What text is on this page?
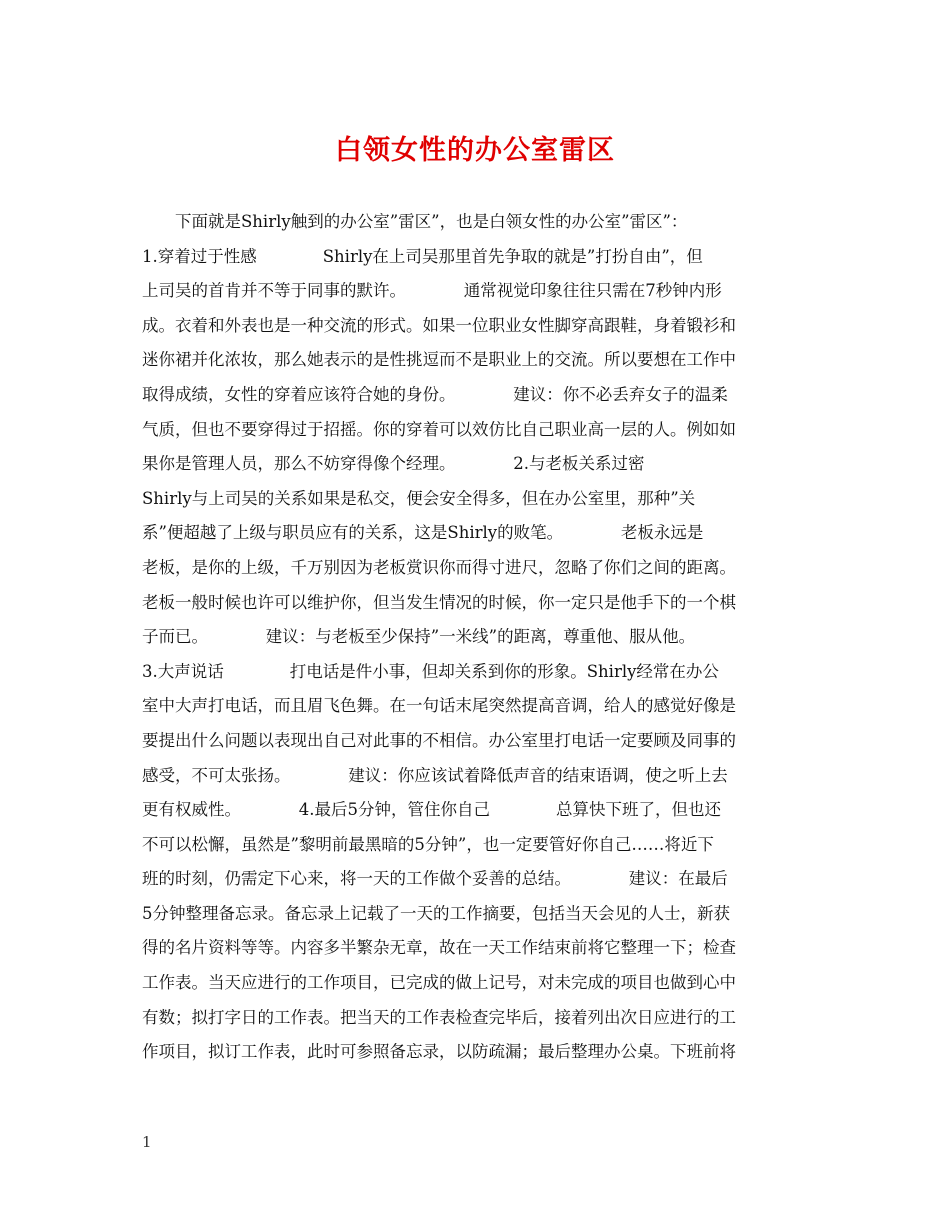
白领女性的办公室雷区
　　下面就是Shirly触到的办公室”雷区”，也是白领女性的办公室”雷区”：
1.穿着过于性感　　　　Shirly在上司吴那里首先争取的就是”打扮自由”，但
上司吴的首肯并不等于同事的默许。　　　　通常视觉印象往往只需在7秒钟内形
成。衣着和外表也是一种交流的形式。如果一位职业女性脚穿高跟鞋，身着锻衫和
迷你裙并化浓妆，那么她表示的是性挑逗而不是职业上的交流。所以要想在工作中
取得成绩，女性的穿着应该符合她的身份。　　　　建议：你不必丢弃女子的温柔
气质，但也不要穿得过于招摇。你的穿着可以效仿比自己职业高一层的人。例如如
果你是管理人员，那么不妨穿得像个经理。　　　　2.与老板关系过密
Shirly与上司吴的关系如果是私交，便会安全得多，但在办公室里，那种”关
系”便超越了上级与职员应有的关系，这是Shirly的败笔。　　　　老板永远是
老板，是你的上级，千万别因为老板赏识你而得寸进尺，忽略了你们之间的距离。
老板一般时候也许可以维护你，但当发生情况的时候，你一定只是他手下的一个棋
子而已。　　　　建议：与老板至少保持”一米线”的距离，尊重他、服从他。
3.大声说话　　　　打电话是件小事，但却关系到你的形象。Shirly经常在办公
室中大声打电话，而且眉飞色舞。在一句话末尾突然提高音调，给人的感觉好像是
要提出什么问题以表现出自己对此事的不相信。办公室里打电话一定要顾及同事的
感受，不可太张扬。　　　　建议：你应该试着降低声音的结束语调，使之听上去
更有权威性。　　　　4.最后5分钟，管住你自己　　　　总算快下班了，但也还
不可以松懈，虽然是”黎明前最黑暗的5分钟”，也一定要管好你自己……将近下
班的时刻，仍需定下心来，将一天的工作做个妥善的总结。　　　　建议：在最后
5分钟整理备忘录。备忘录上记载了一天的工作摘要，包括当天会见的人士，新获
得的名片资料等等。内容多半繁杂无章，故在一天工作结束前将它整理一下；检查
工作表。当天应进行的工作项目，已完成的做上记号，对未完成的项目也做到心中
有数；拟打字日的工作表。把当天的工作表检查完毕后，接着列出次日应进行的工
作项目，拟订工作表，此时可参照备忘录，以防疏漏；最后整理办公桌。下班前将
1
